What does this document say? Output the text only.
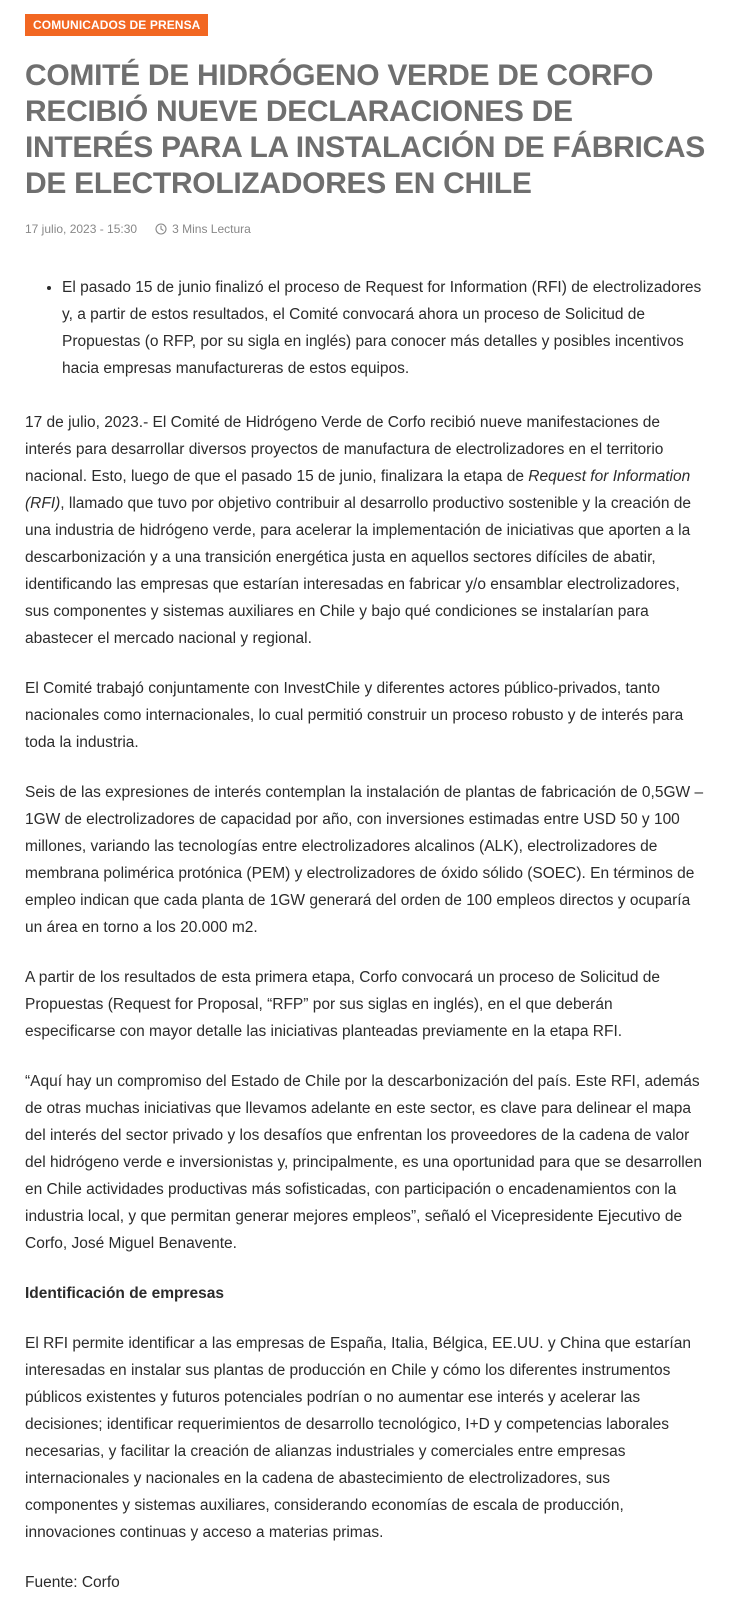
COMUNICADOS DE PRENSA
COMITÉ DE HIDRÓGENO VERDE DE CORFO RECIBIÓ NUEVE DECLARACIONES DE INTERÉS PARA LA INSTALACIÓN DE FÁBRICAS DE ELECTROLIZADORES EN CHILE
17 julio, 2023 - 15:30	3 Mins Lectura
• El pasado 15 de junio finalizó el proceso de Request for Information (RFI) de electrolizadores y, a partir de estos resultados, el Comité convocará ahora un proceso de Solicitud de Propuestas (o RFP, por su sigla en inglés) para conocer más detalles y posibles incentivos hacia empresas manufactureras de estos equipos.

17 de julio, 2023.- El Comité de Hidrógeno Verde de Corfo recibió nueve manifestaciones de interés para desarrollar diversos proyectos de manufactura de electrolizadores en el territorio nacional. Esto, luego de que el pasado 15 de junio, finalizara la etapa de Request for Information (RFI), llamado que tuvo por objetivo contribuir al desarrollo productivo sostenible y la creación de una industria de hidrógeno verde, para acelerar la implementación de iniciativas que aporten a la descarbonización y a una transición energética justa en aquellos sectores difíciles de abatir, identificando las empresas que estarían interesadas en fabricar y/o ensamblar electrolizadores, sus componentes y sistemas auxiliares en Chile y bajo qué condiciones se instalarían para abastecer el mercado nacional y regional.

El Comité trabajó conjuntamente con InvestChile y diferentes actores público-privados, tanto nacionales como internacionales, lo cual permitió construir un proceso robusto y de interés para toda la industria.

Seis de las expresiones de interés contemplan la instalación de plantas de fabricación de 0,5GW – 1GW de electrolizadores de capacidad por año, con inversiones estimadas entre USD 50 y 100 millones, variando las tecnologías entre electrolizadores alcalinos (ALK), electrolizadores de membrana polimérica protónica (PEM) y electrolizadores de óxido sólido (SOEC). En términos de empleo indican que cada planta de 1GW generará del orden de 100 empleos directos y ocuparía un área en torno a los 20.000 m2.

A partir de los resultados de esta primera etapa, Corfo convocará un proceso de Solicitud de Propuestas (Request for Proposal, “RFP” por sus siglas en inglés), en el que deberán especificarse con mayor detalle las iniciativas planteadas previamente en la etapa RFI.

“Aquí hay un compromiso del Estado de Chile por la descarbonización del país. Este RFI, además de otras muchas iniciativas que llevamos adelante en este sector, es clave para delinear el mapa del interés del sector privado y los desafíos que enfrentan los proveedores de la cadena de valor del hidrógeno verde e inversionistas y, principalmente, es una oportunidad para que se desarrollen en Chile actividades productivas más sofisticadas, con participación o encadenamientos con la industria local, y que permitan generar mejores empleos”, señaló el Vicepresidente Ejecutivo de Corfo, José Miguel Benavente.

Identificación de empresas

El RFI permite identificar a las empresas de España, Italia, Bélgica, EE.UU. y China que estarían interesadas en instalar sus plantas de producción en Chile y cómo los diferentes instrumentos públicos existentes y futuros potenciales podrían o no aumentar ese interés y acelerar las decisiones; identificar requerimientos de desarrollo tecnológico, I+D y competencias laborales necesarias, y facilitar la creación de alianzas industriales y comerciales entre empresas internacionales y nacionales en la cadena de abastecimiento de electrolizadores, sus componentes y sistemas auxiliares, considerando economías de escala de producción, innovaciones continuas y acceso a materias primas.

Fuente: Corfo
